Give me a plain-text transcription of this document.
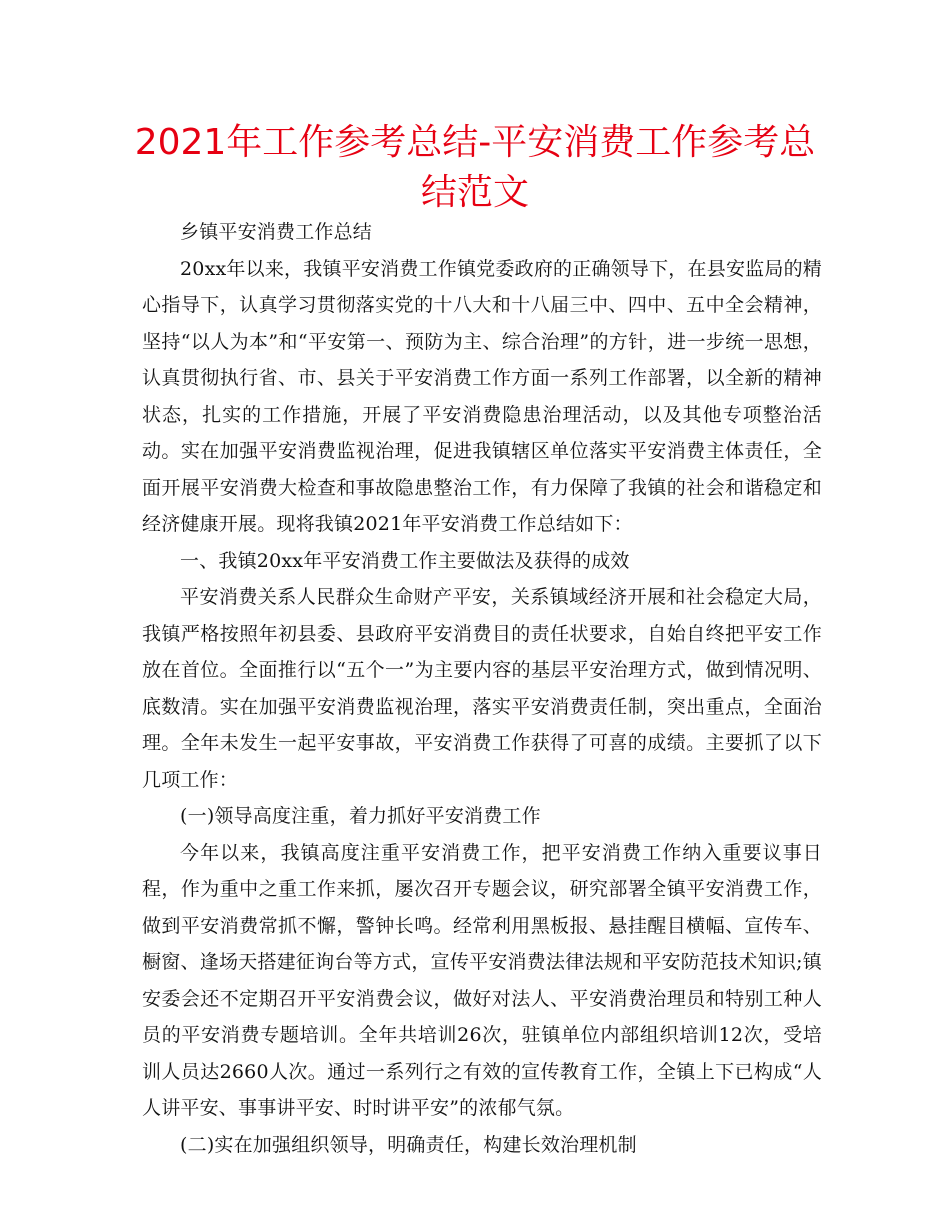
2021年工作参考总结-平安消费工作参考总结范文

乡镇平安消费工作总结

20xx年以来，我镇平安消费工作镇党委政府的正确领导下，在县安监局的精心指导下，认真学习贯彻落实党的十八大和十八届三中、四中、五中全会精神，坚持“以人为本”和“平安第一、预防为主、综合治理”的方针，进一步统一思想，认真贯彻执行省、市、县关于平安消费工作方面一系列工作部署，以全新的精神状态，扎实的工作措施，开展了平安消费隐患治理活动，以及其他专项整治活动。实在加强平安消费监视治理，促进我镇辖区单位落实平安消费主体责任，全面开展平安消费大检查和事故隐患整治工作，有力保障了我镇的社会和谐稳定和经济健康开展。现将我镇2021年平安消费工作总结如下：

一、我镇20xx年平安消费工作主要做法及获得的成效

平安消费关系人民群众生命财产平安，关系镇域经济开展和社会稳定大局，我镇严格按照年初县委、县政府平安消费目的责任状要求，自始自终把平安工作放在首位。全面推行以“五个一”为主要内容的基层平安治理方式，做到情况明、底数清。实在加强平安消费监视治理，落实平安消费责任制，突出重点，全面治理。全年未发生一起平安事故，平安消费工作获得了可喜的成绩。主要抓了以下几项工作：

(一)领导高度注重，着力抓好平安消费工作

今年以来，我镇高度注重平安消费工作，把平安消费工作纳入重要议事日程，作为重中之重工作来抓，屡次召开专题会议，研究部署全镇平安消费工作，做到平安消费常抓不懈，警钟长鸣。经常利用黑板报、悬挂醒目横幅、宣传车、橱窗、逢场天搭建征询台等方式，宣传平安消费法律法规和平安防范技术知识;镇安委会还不定期召开平安消费会议，做好对法人、平安消费治理员和特别工种人员的平安消费专题培训。全年共培训26次，驻镇单位内部组织培训12次，受培训人员达2660人次。通过一系列行之有效的宣传教育工作，全镇上下已构成“人人讲平安、事事讲平安、时时讲平安”的浓郁气氛。

(二)实在加强组织领导，明确责任，构建长效治理机制
